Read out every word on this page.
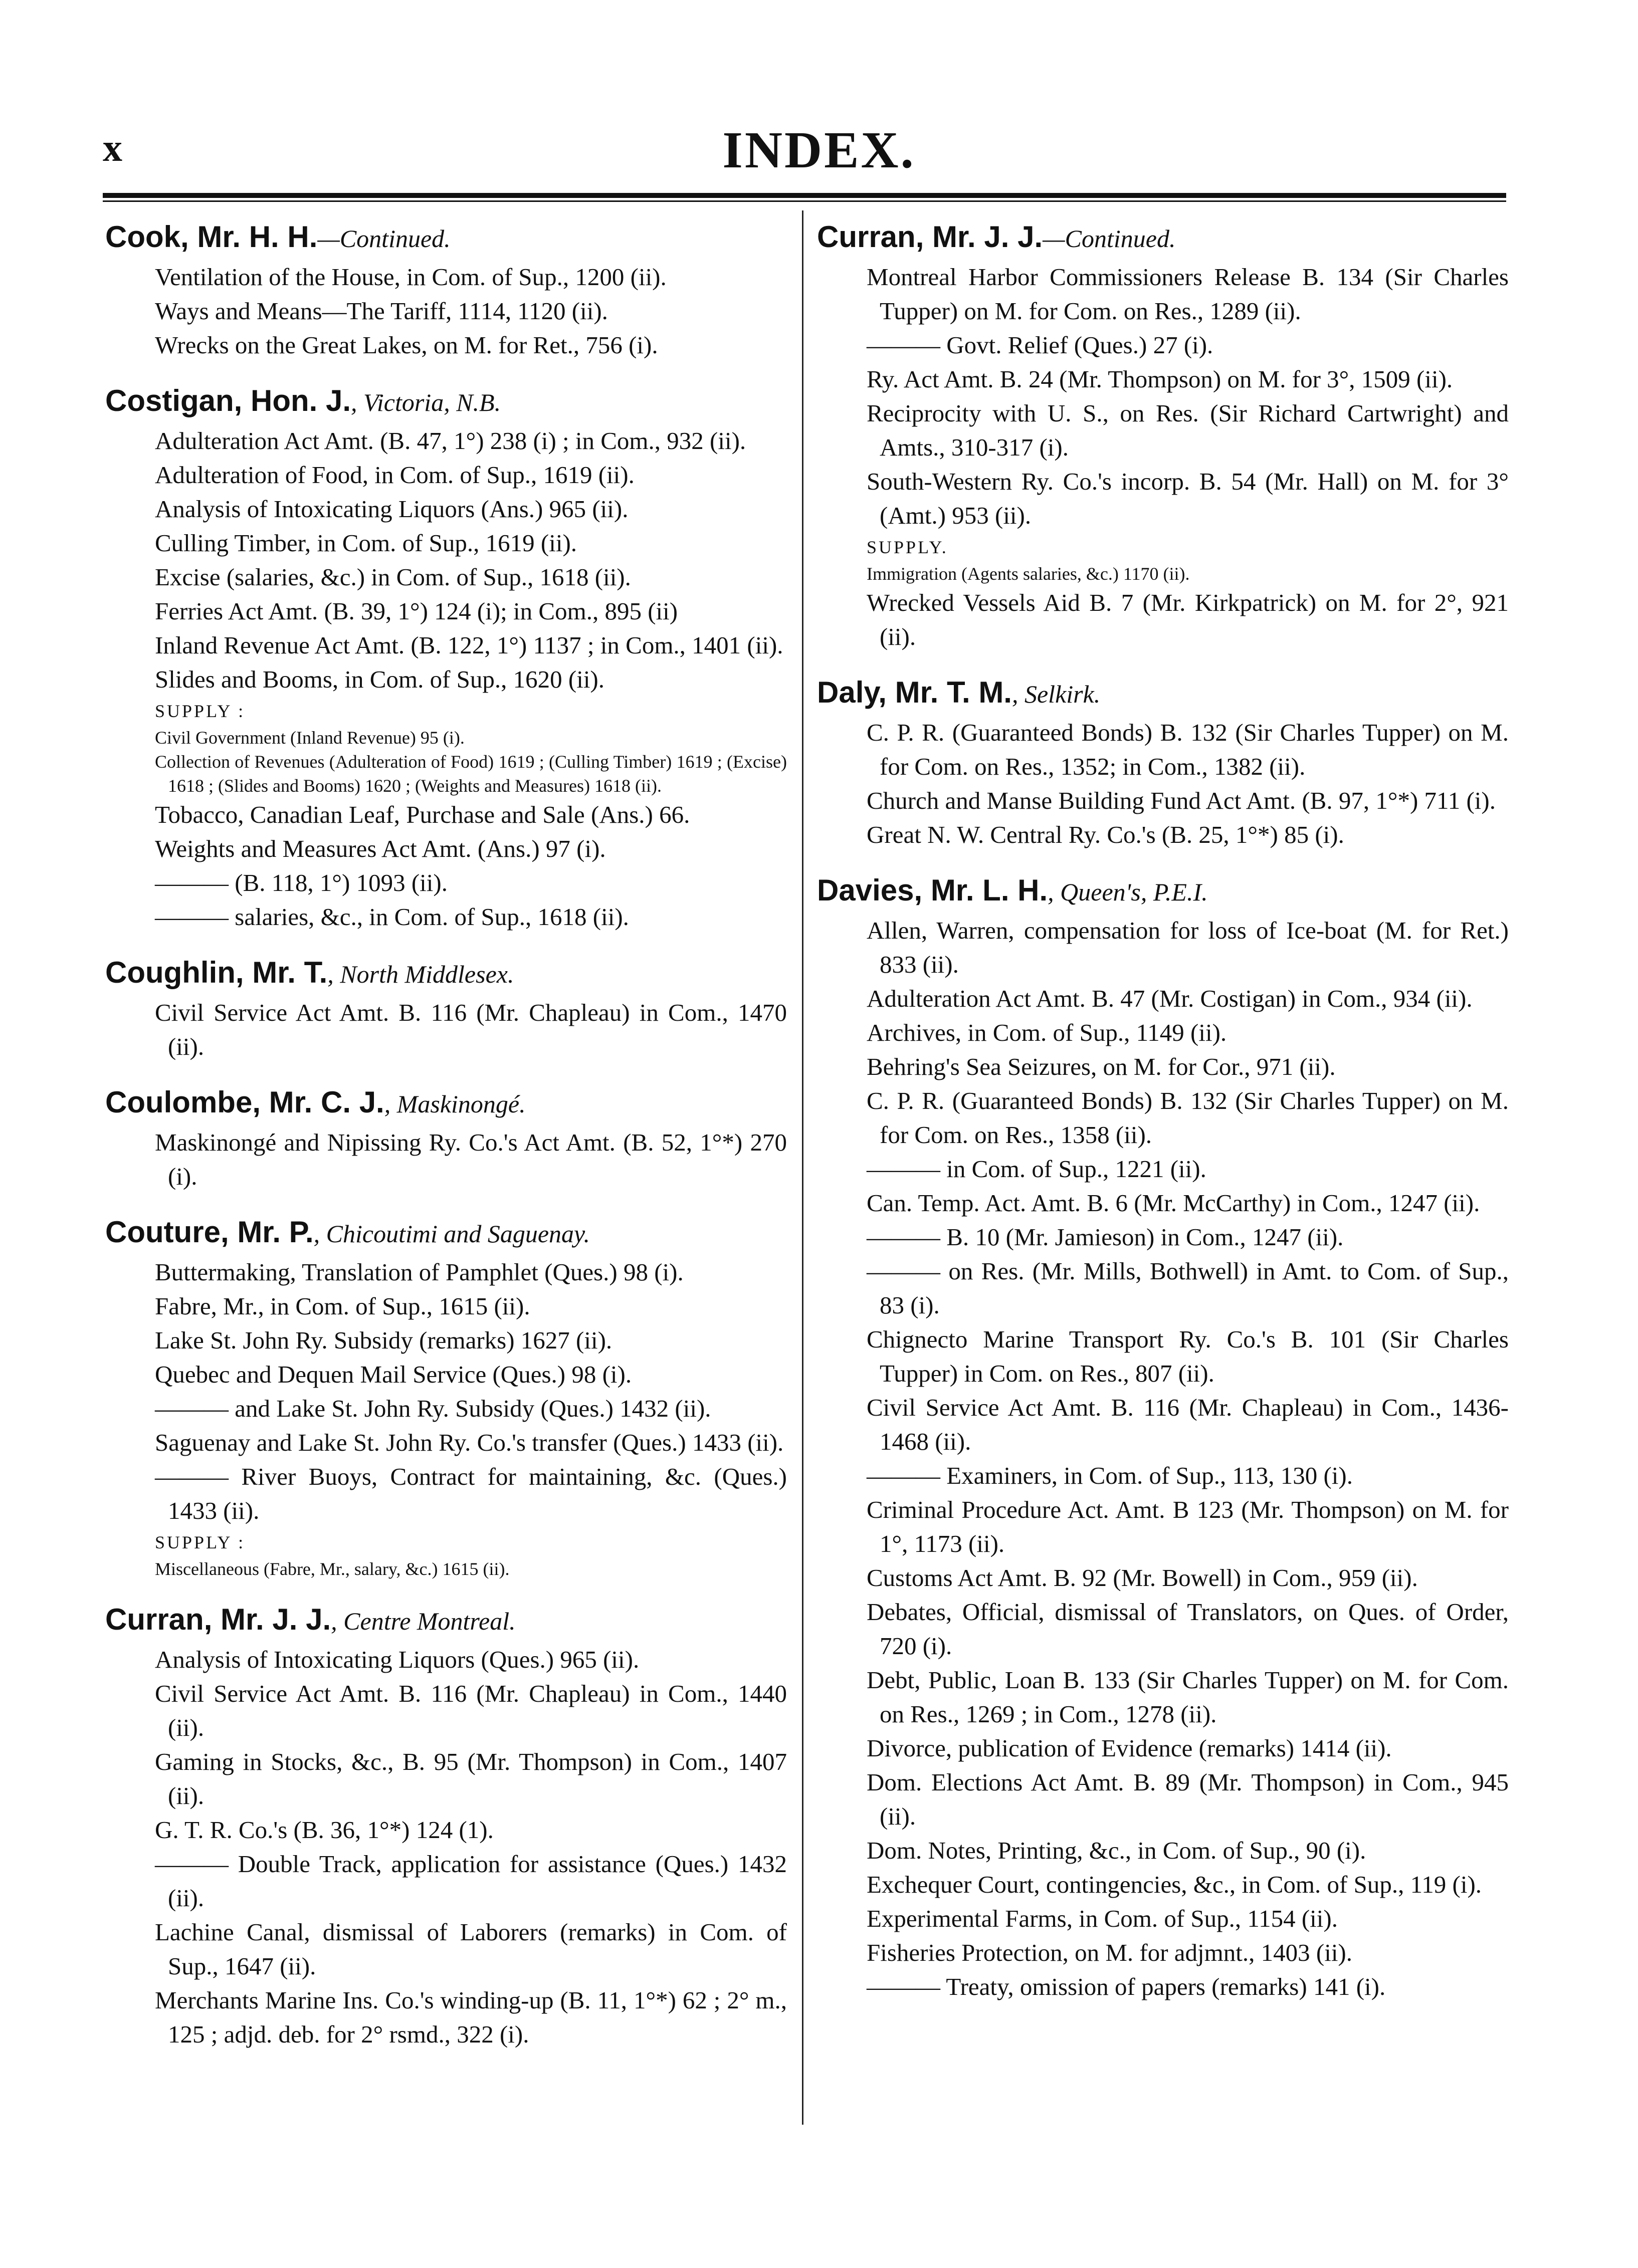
x	INDEX.
Cook, Mr. H. H.—Continued.
Ventilation of the House, in Com. of Sup., 1200 (ii).
Ways and Means—The Tariff, 1114, 1120 (ii).
Wrecks on the Great Lakes, on M. for Ret., 756 (i).
Costigan, Hon. J., Victoria, N.B.
Adulteration Act Amt. (B. 47, 1°) 238 (i) ; in Com., 932 (ii).
Adulteration of Food, in Com. of Sup., 1619 (ii).
Analysis of Intoxicating Liquors (Ans.) 965 (ii).
Culling Timber, in Com. of Sup., 1619 (ii).
Excise (salaries, &c.) in Com. of Sup., 1618 (ii).
Ferries Act Amt. (B. 39, 1°) 124 (i); in Com., 895 (ii)
Inland Revenue Act Amt. (B. 122, 1°) 1137 ; in Com., 1401 (ii).
Slides and Booms, in Com. of Sup., 1620 (ii).
SUPPLY :
Civil Government (Inland Revenue) 95 (i).
Collection of Revenues (Adulteration of Food) 1619 ; (Culling Timber) 1619 ; (Excise) 1618 ; (Slides and Booms) 1620 ; (Weights and Measures) 1618 (ii).
Tobacco, Canadian Leaf, Purchase and Sale (Ans.) 66.
Weights and Measures Act Amt. (Ans.) 97 (i).
——— (B. 118, 1°) 1093 (ii).
——— salaries, &c., in Com. of Sup., 1618 (ii).
Coughlin, Mr. T., North Middlesex.
Civil Service Act Amt. B. 116 (Mr. Chapleau) in Com., 1470 (ii).
Coulombe, Mr. C. J., Maskinongé.
Maskinongé and Nipissing Ry. Co.'s Act Amt. (B. 52, 1°*) 270 (i).
Couture, Mr. P., Chicoutimi and Saguenay.
Buttermaking, Translation of Pamphlet (Ques.) 98 (i).
Fabre, Mr., in Com. of Sup., 1615 (ii).
Lake St. John Ry. Subsidy (remarks) 1627 (ii).
Quebec and Dequen Mail Service (Ques.) 98 (i).
——— and Lake St. John Ry. Subsidy (Ques.) 1432 (ii).
Saguenay and Lake St. John Ry. Co.'s transfer (Ques.) 1433 (ii).
——— River Buoys, Contract for maintaining, &c. (Ques.) 1433 (ii).
SUPPLY :
Miscellaneous (Fabre, Mr., salary, &c.) 1615 (ii).
Curran, Mr. J. J., Centre Montreal.
Analysis of Intoxicating Liquors (Ques.) 965 (ii).
Civil Service Act Amt. B. 116 (Mr. Chapleau) in Com., 1440 (ii).
Gaming in Stocks, &c., B. 95 (Mr. Thompson) in Com., 1407 (ii).
G. T. R. Co.'s (B. 36, 1°*) 124 (1).
——— Double Track, application for assistance (Ques.) 1432 (ii).
Lachine Canal, dismissal of Laborers (remarks) in Com. of Sup., 1647 (ii).
Merchants Marine Ins. Co.'s winding-up (B. 11, 1°*) 62 ; 2° m., 125 ; adjd. deb. for 2° rsmd., 322 (i).
Curran, Mr. J. J.—Continued.
Montreal Harbor Commissioners Release B. 134 (Sir Charles Tupper) on M. for Com. on Res., 1289 (ii).
——— Govt. Relief (Ques.) 27 (i).
Ry. Act Amt. B. 24 (Mr. Thompson) on M. for 3°, 1509 (ii).
Reciprocity with U. S., on Res. (Sir Richard Cartwright) and Amts., 310-317 (i).
South-Western Ry. Co.'s incorp. B. 54 (Mr. Hall) on M. for 3° (Amt.) 953 (ii).
SUPPLY.
Immigration (Agents salaries, &c.) 1170 (ii).
Wrecked Vessels Aid B. 7 (Mr. Kirkpatrick) on M. for 2°, 921 (ii).
Daly, Mr. T. M., Selkirk.
C. P. R. (Guaranteed Bonds) B. 132 (Sir Charles Tupper) on M. for Com. on Res., 1352; in Com., 1382 (ii).
Church and Manse Building Fund Act Amt. (B. 97, 1°*) 711 (i).
Great N. W. Central Ry. Co.'s (B. 25, 1°*) 85 (i).
Davies, Mr. L. H., Queen's, P.E.I.
Allen, Warren, compensation for loss of Ice-boat (M. for Ret.) 833 (ii).
Adulteration Act Amt. B. 47 (Mr. Costigan) in Com., 934 (ii).
Archives, in Com. of Sup., 1149 (ii).
Behring's Sea Seizures, on M. for Cor., 971 (ii).
C. P. R. (Guaranteed Bonds) B. 132 (Sir Charles Tupper) on M. for Com. on Res., 1358 (ii).
——— in Com. of Sup., 1221 (ii).
Can. Temp. Act. Amt. B. 6 (Mr. McCarthy) in Com., 1247 (ii).
——— B. 10 (Mr. Jamieson) in Com., 1247 (ii).
——— on Res. (Mr. Mills, Bothwell) in Amt. to Com. of Sup., 83 (i).
Chignecto Marine Transport Ry. Co.'s B. 101 (Sir Charles Tupper) in Com. on Res., 807 (ii).
Civil Service Act Amt. B. 116 (Mr. Chapleau) in Com., 1436-1468 (ii).
——— Examiners, in Com. of Sup., 113, 130 (i).
Criminal Procedure Act. Amt. B 123 (Mr. Thompson) on M. for 1°, 1173 (ii).
Customs Act Amt. B. 92 (Mr. Bowell) in Com., 959 (ii).
Debates, Official, dismissal of Translators, on Ques. of Order, 720 (i).
Debt, Public, Loan B. 133 (Sir Charles Tupper) on M. for Com. on Res., 1269 ; in Com., 1278 (ii).
Divorce, publication of Evidence (remarks) 1414 (ii).
Dom. Elections Act Amt. B. 89 (Mr. Thompson) in Com., 945 (ii).
Dom. Notes, Printing, &c., in Com. of Sup., 90 (i).
Exchequer Court, contingencies, &c., in Com. of Sup., 119 (i).
Experimental Farms, in Com. of Sup., 1154 (ii).
Fisheries Protection, on M. for adjmnt., 1403 (ii).
——— Treaty, omission of papers (remarks) 141 (i).
